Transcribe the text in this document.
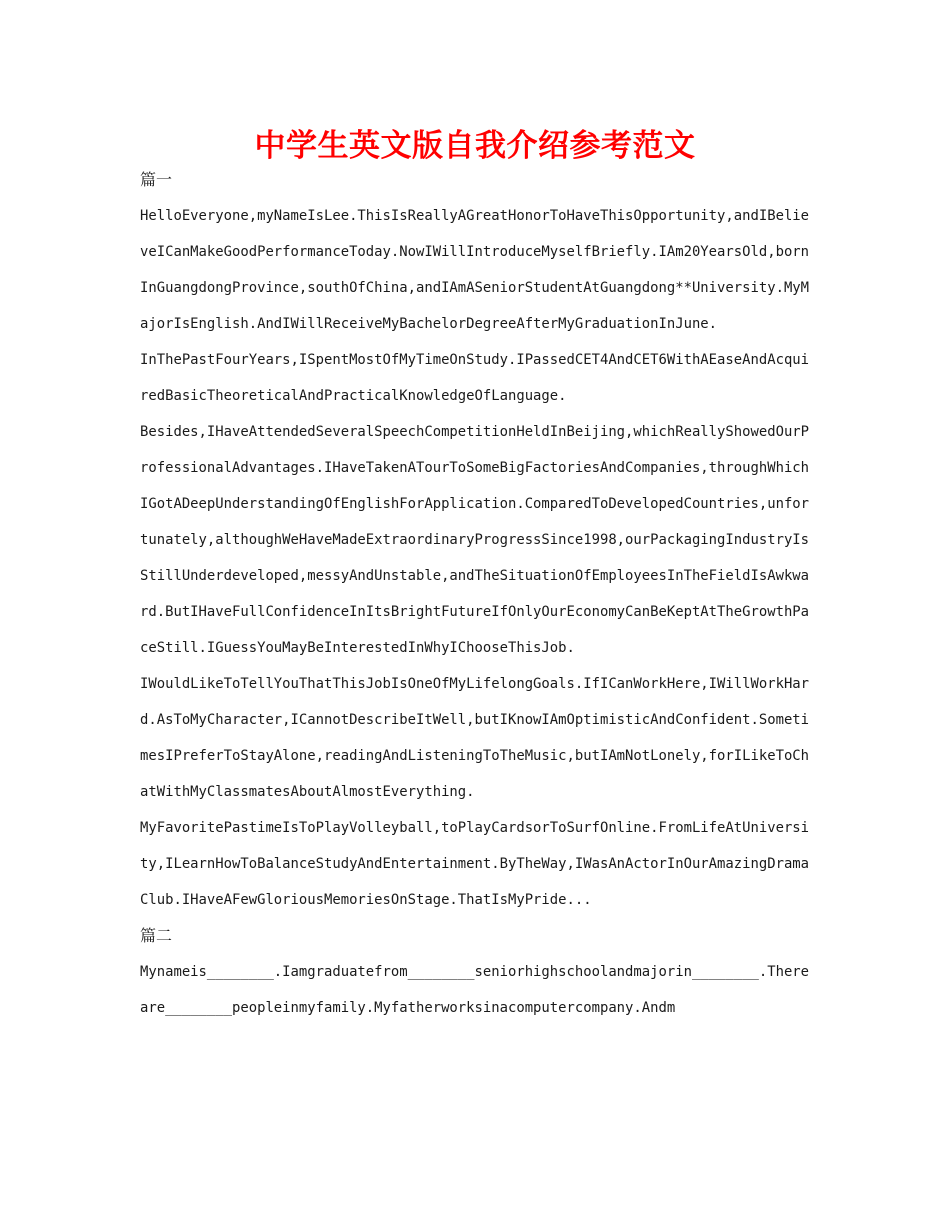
中学生英文版自我介绍参考范文

篇一

HelloEveryone,myNameIsLee.ThisIsReallyAGreatHonorToHaveThisOpportunity,andIBelieveICanMakeGoodPerformanceToday.NowIWillIntroduceMyselfBriefly.IAm20YearsOld,bornInGuangdongProvince,southOfChina,andIAmASeniorStudentAtGuangdong**University.MyMajorIsEnglish.AndIWillReceiveMyBachelorDegreeAfterMyGraduationInJune.

InThePastFourYears,ISpentMostOfMyTimeOnStudy.IPassedCET4AndCET6WithAEaseAndAcquiredBasicTheoreticalAndPracticalKnowledgeOfLanguage.

Besides,IHaveAttendedSeveralSpeechCompetitionHeldInBeijing,whichReallyShowedOurProfessionalAdvantages.IHaveTakenATourToSomeBigFactoriesAndCompanies,throughWhichIGotADeepUnderstandingOfEnglishForApplication.ComparedToDevelopedCountries,unfortunately,althoughWeHaveMadeExtraordinaryProgressSince1998,ourPackagingIndustryIsStillUnderdeveloped,messyAndUnstable,andTheSituationOfEmployeesInTheFieldIsAwkward.ButIHaveFullConfidenceInItsBrightFutureIfOnlyOurEconomyCanBeKeptAtTheGrowthPaceStill.IGuessYouMayBeInterestedInWhyIChooseThisJob.

IWouldLikeToTellYouThatThisJobIsOneOfMyLifelongGoals.IfICanWorkHere,IWillWorkHard.AsToMyCharacter,ICannotDescribeItWell,butIKnowIAmOptimisticAndConfident.SometimesIPreferToStayAlone,readingAndListeningToTheMusic,butIAmNotLonely,forILikeToChatWithMyClassmatesAboutAlmostEverything.

MyFavoritePastimeIsToPlayVolleyball,toPlayCardsorToSurfOnline.FromLifeAtUniversity,ILearnHowToBalanceStudyAndEntertainment.ByTheWay,IWasAnActorInOurAmazingDramaClub.IHaveAFewGloriousMemoriesOnStage.ThatIsMyPride...

篇二

Mynameis________.Iamgraduatefrom________seniorhighschoolandmajorin________.Thereare________peopleinmyfamily.Myfatherworksinacomputercompany.Andm
